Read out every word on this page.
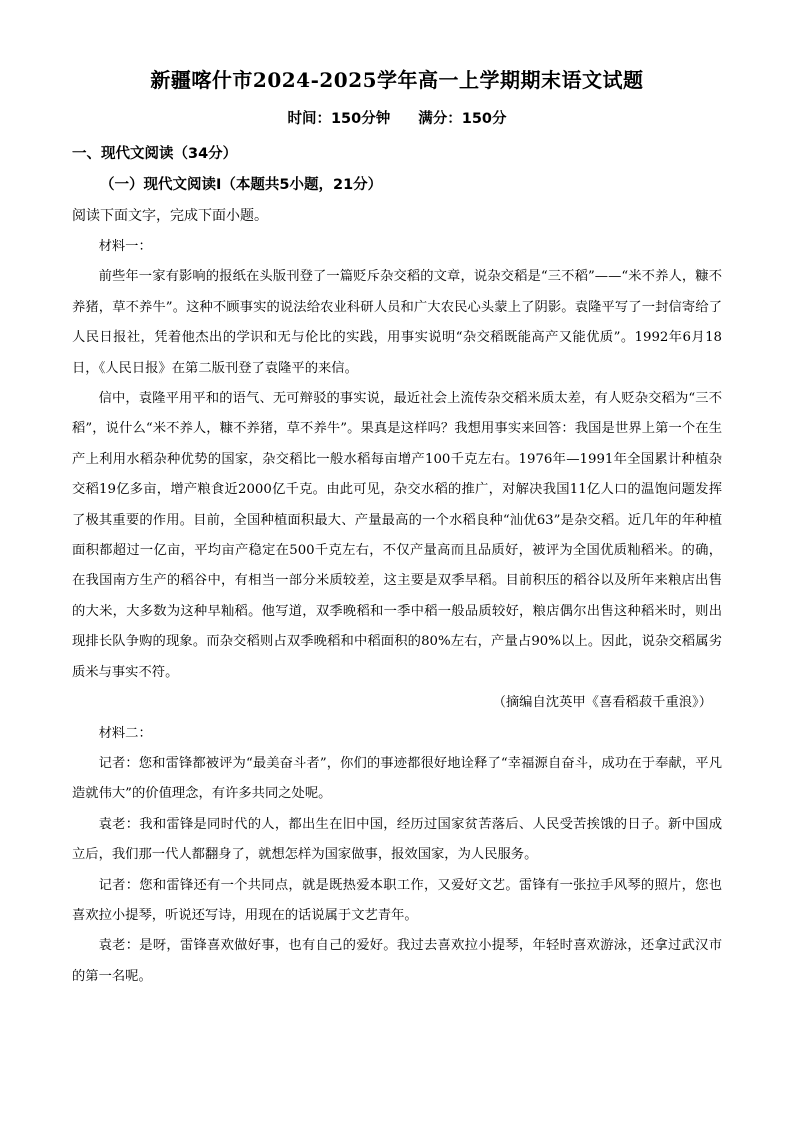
新疆喀什市2024-2025学年高一上学期期末语文试题
时间：150分钟 满分：150分
一、现代文阅读（34分）
（一）现代文阅读Ⅰ（本题共5小题，21分）
阅读下面文字，完成下面小题。

材料一：

前些年一家有影响的报纸在头版刊登了一篇贬斥杂交稻的文章，说杂交稻是“三不稻”——“米不养人，糠不养猪，草不养牛”。这种不顾事实的说法给农业科研人员和广大农民心头蒙上了阴影。袁隆平写了一封信寄给了人民日报社，凭着他杰出的学识和无与伦比的实践，用事实说明“杂交稻既能高产又能优质”。1992年6月18日，《人民日报》在第二版刊登了袁隆平的来信。

信中，袁隆平用平和的语气、无可辩驳的事实说，最近社会上流传杂交稻米质太差，有人贬杂交稻为“三不稻”，说什么“米不养人，糠不养猪，草不养牛”。果真是这样吗？我想用事实来回答：我国是世界上第一个在生产上利用水稻杂种优势的国家，杂交稻比一般水稻每亩增产100千克左右。1976年—1991年全国累计种植杂交稻19亿多亩，增产粮食近2000亿千克。由此可见，杂交水稻的推广，对解决我国11亿人口的温饱问题发挥了极其重要的作用。目前，全国种植面积最大、产量最高的一个水稻良种“汕优63”是杂交稻。近几年的年种植面积都超过一亿亩，平均亩产稳定在500千克左右，不仅产量高而且品质好，被评为全国优质籼稻米。的确，在我国南方生产的稻谷中，有相当一部分米质较差，这主要是双季早稻。目前积压的稻谷以及所年来粮店出售的大米，大多数为这种早籼稻。他写道，双季晚稻和一季中稻一般品质较好，粮店偶尔出售这种稻米时，则出现排长队争购的现象。而杂交稻则占双季晚稻和中稻面积的80%左右，产量占90%以上。因此，说杂交稻属劣质米与事实不符。

（摘编自沈英甲《喜看稻菽千重浪》）

材料二：

记者：您和雷锋都被评为“最美奋斗者”，你们的事迹都很好地诠释了“幸福源自奋斗，成功在于奉献，平凡造就伟大”的价值理念，有许多共同之处呢。

袁老：我和雷锋是同时代的人，都出生在旧中国，经历过国家贫苦落后、人民受苦挨饿的日子。新中国成立后，我们那一代人都翻身了，就想怎样为国家做事，报效国家，为人民服务。

记者：您和雷锋还有一个共同点，就是既热爱本职工作，又爱好文艺。雷锋有一张拉手风琴的照片，您也喜欢拉小提琴，听说还写诗，用现在的话说属于文艺青年。

袁老：是呀，雷锋喜欢做好事，也有自己的爱好。我过去喜欢拉小提琴，年轻时喜欢游泳，还拿过武汉市的第一名呢。
